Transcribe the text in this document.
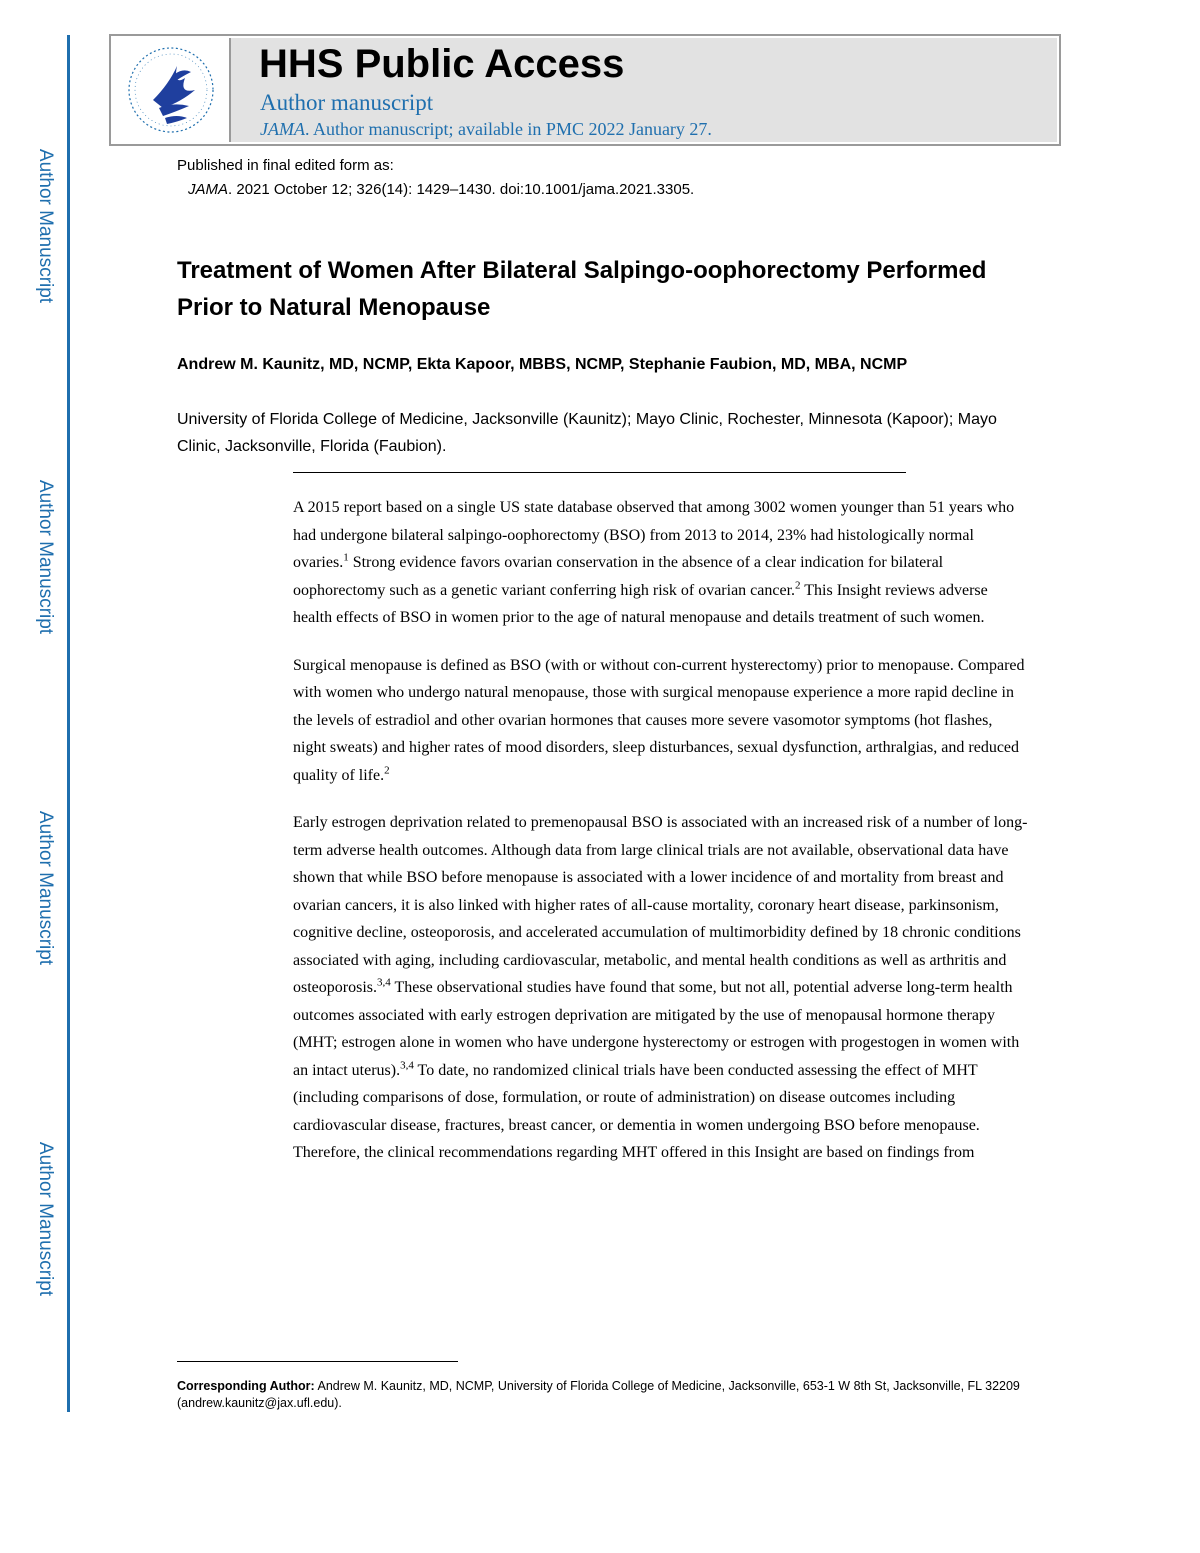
Author Manuscript
Author Manuscript
Author Manuscript
Author Manuscript
HHS Public Access
Author manuscript
JAMA. Author manuscript; available in PMC 2022 January 27.
Published in final edited form as:
JAMA. 2021 October 12; 326(14): 1429–1430. doi:10.1001/jama.2021.3305.
Treatment of Women After Bilateral Salpingo-oophorectomy Performed Prior to Natural Menopause
Andrew M. Kaunitz, MD, NCMP, Ekta Kapoor, MBBS, NCMP, Stephanie Faubion, MD, MBA, NCMP
University of Florida College of Medicine, Jacksonville (Kaunitz); Mayo Clinic, Rochester, Minnesota (Kapoor); Mayo Clinic, Jacksonville, Florida (Faubion).

A 2015 report based on a single US state database observed that among 3002 women younger than 51 years who had undergone bilateral salpingo-oophorectomy (BSO) from 2013 to 2014, 23% had histologically normal ovaries.$^1$ Strong evidence favors ovarian conservation in the absence of a clear indication for bilateral oophorectomy such as a genetic variant conferring high risk of ovarian cancer.$^2$ This Insight reviews adverse health effects of BSO in women prior to the age of natural menopause and details treatment of such women.

Surgical menopause is defined as BSO (with or without con-current hysterectomy) prior to menopause. Compared with women who undergo natural menopause, those with surgical menopause experience a more rapid decline in the levels of estradiol and other ovarian hormones that causes more severe vasomotor symptoms (hot flashes, night sweats) and higher rates of mood disorders, sleep disturbances, sexual dysfunction, arthralgias, and reduced quality of life.$^2$

Early estrogen deprivation related to premenopausal BSO is associated with an increased risk of a number of long-term adverse health outcomes. Although data from large clinical trials are not available, observational data have shown that while BSO before menopause is associated with a lower incidence of and mortality from breast and ovarian cancers, it is also linked with higher rates of all-cause mortality, coronary heart disease, parkinsonism, cognitive decline, osteoporosis, and accelerated accumulation of multimorbidity defined by 18 chronic conditions associated with aging, including cardiovascular, metabolic, and mental health conditions as well as arthritis and osteoporosis.$^{3,4}$ These observational studies have found that some, but not all, potential adverse long-term health outcomes associated with early estrogen deprivation are mitigated by the use of menopausal hormone therapy (MHT; estrogen alone in women who have undergone hysterectomy or estrogen with progestogen in women with an intact uterus).$^{3,4}$ To date, no randomized clinical trials have been conducted assessing the effect of MHT (including comparisons of dose, formulation, or route of administration) on disease outcomes including cardiovascular disease, fractures, breast cancer, or dementia in women undergoing BSO before menopause. Therefore, the clinical recommendations regarding MHT offered in this Insight are based on findings from

Corresponding Author: Andrew M. Kaunitz, MD, NCMP, University of Florida College of Medicine, Jacksonville, 653-1 W 8th St, Jacksonville, FL 32209 (andrew.kaunitz@jax.ufl.edu).
